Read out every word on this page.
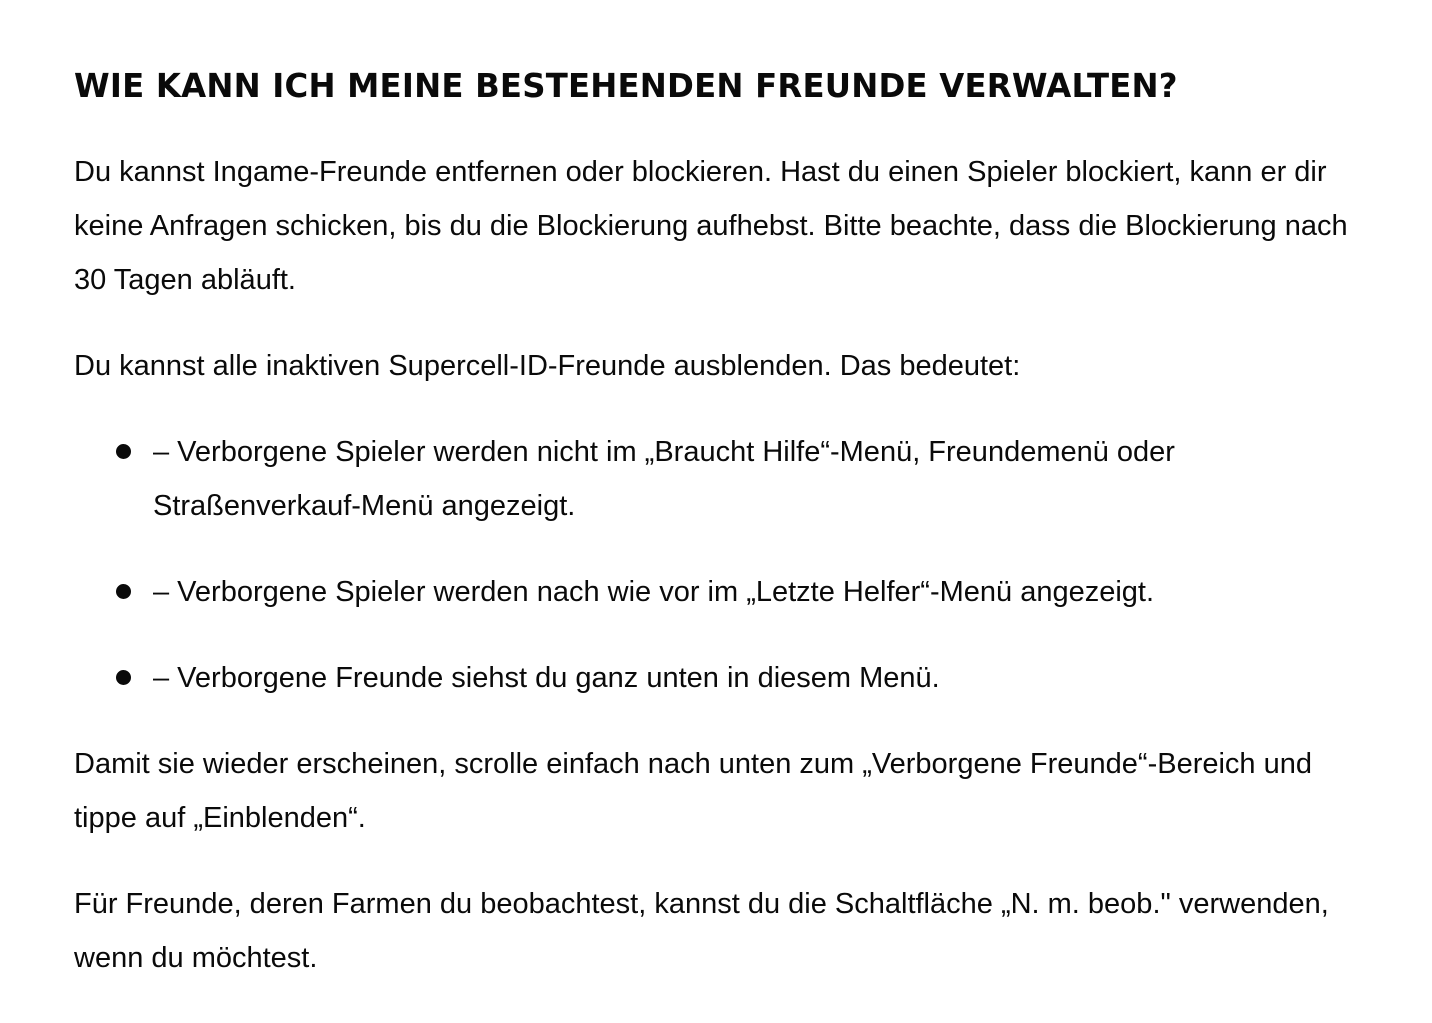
WIE KANN ICH MEINE BESTEHENDEN FREUNDE VERWALTEN?

Du kannst Ingame-Freunde entfernen oder blockieren. Hast du einen Spieler blockiert, kann er dir keine Anfragen schicken, bis du die Blockierung aufhebst. Bitte beachte, dass die Blockierung nach 30 Tagen abläuft.

Du kannst alle inaktiven Supercell-ID-Freunde ausblenden. Das bedeutet:

– Verborgene Spieler werden nicht im „Braucht Hilfe“-Menü, Freundemenü oder Straßenverkauf-Menü angezeigt.
– Verborgene Spieler werden nach wie vor im „Letzte Helfer“-Menü angezeigt.
– Verborgene Freunde siehst du ganz unten in diesem Menü.

Damit sie wieder erscheinen, scrolle einfach nach unten zum „Verborgene Freunde“-Bereich und tippe auf „Einblenden“.

Für Freunde, deren Farmen du beobachtest, kannst du die Schaltfläche „N. m. beob." verwenden, wenn du möchtest.
